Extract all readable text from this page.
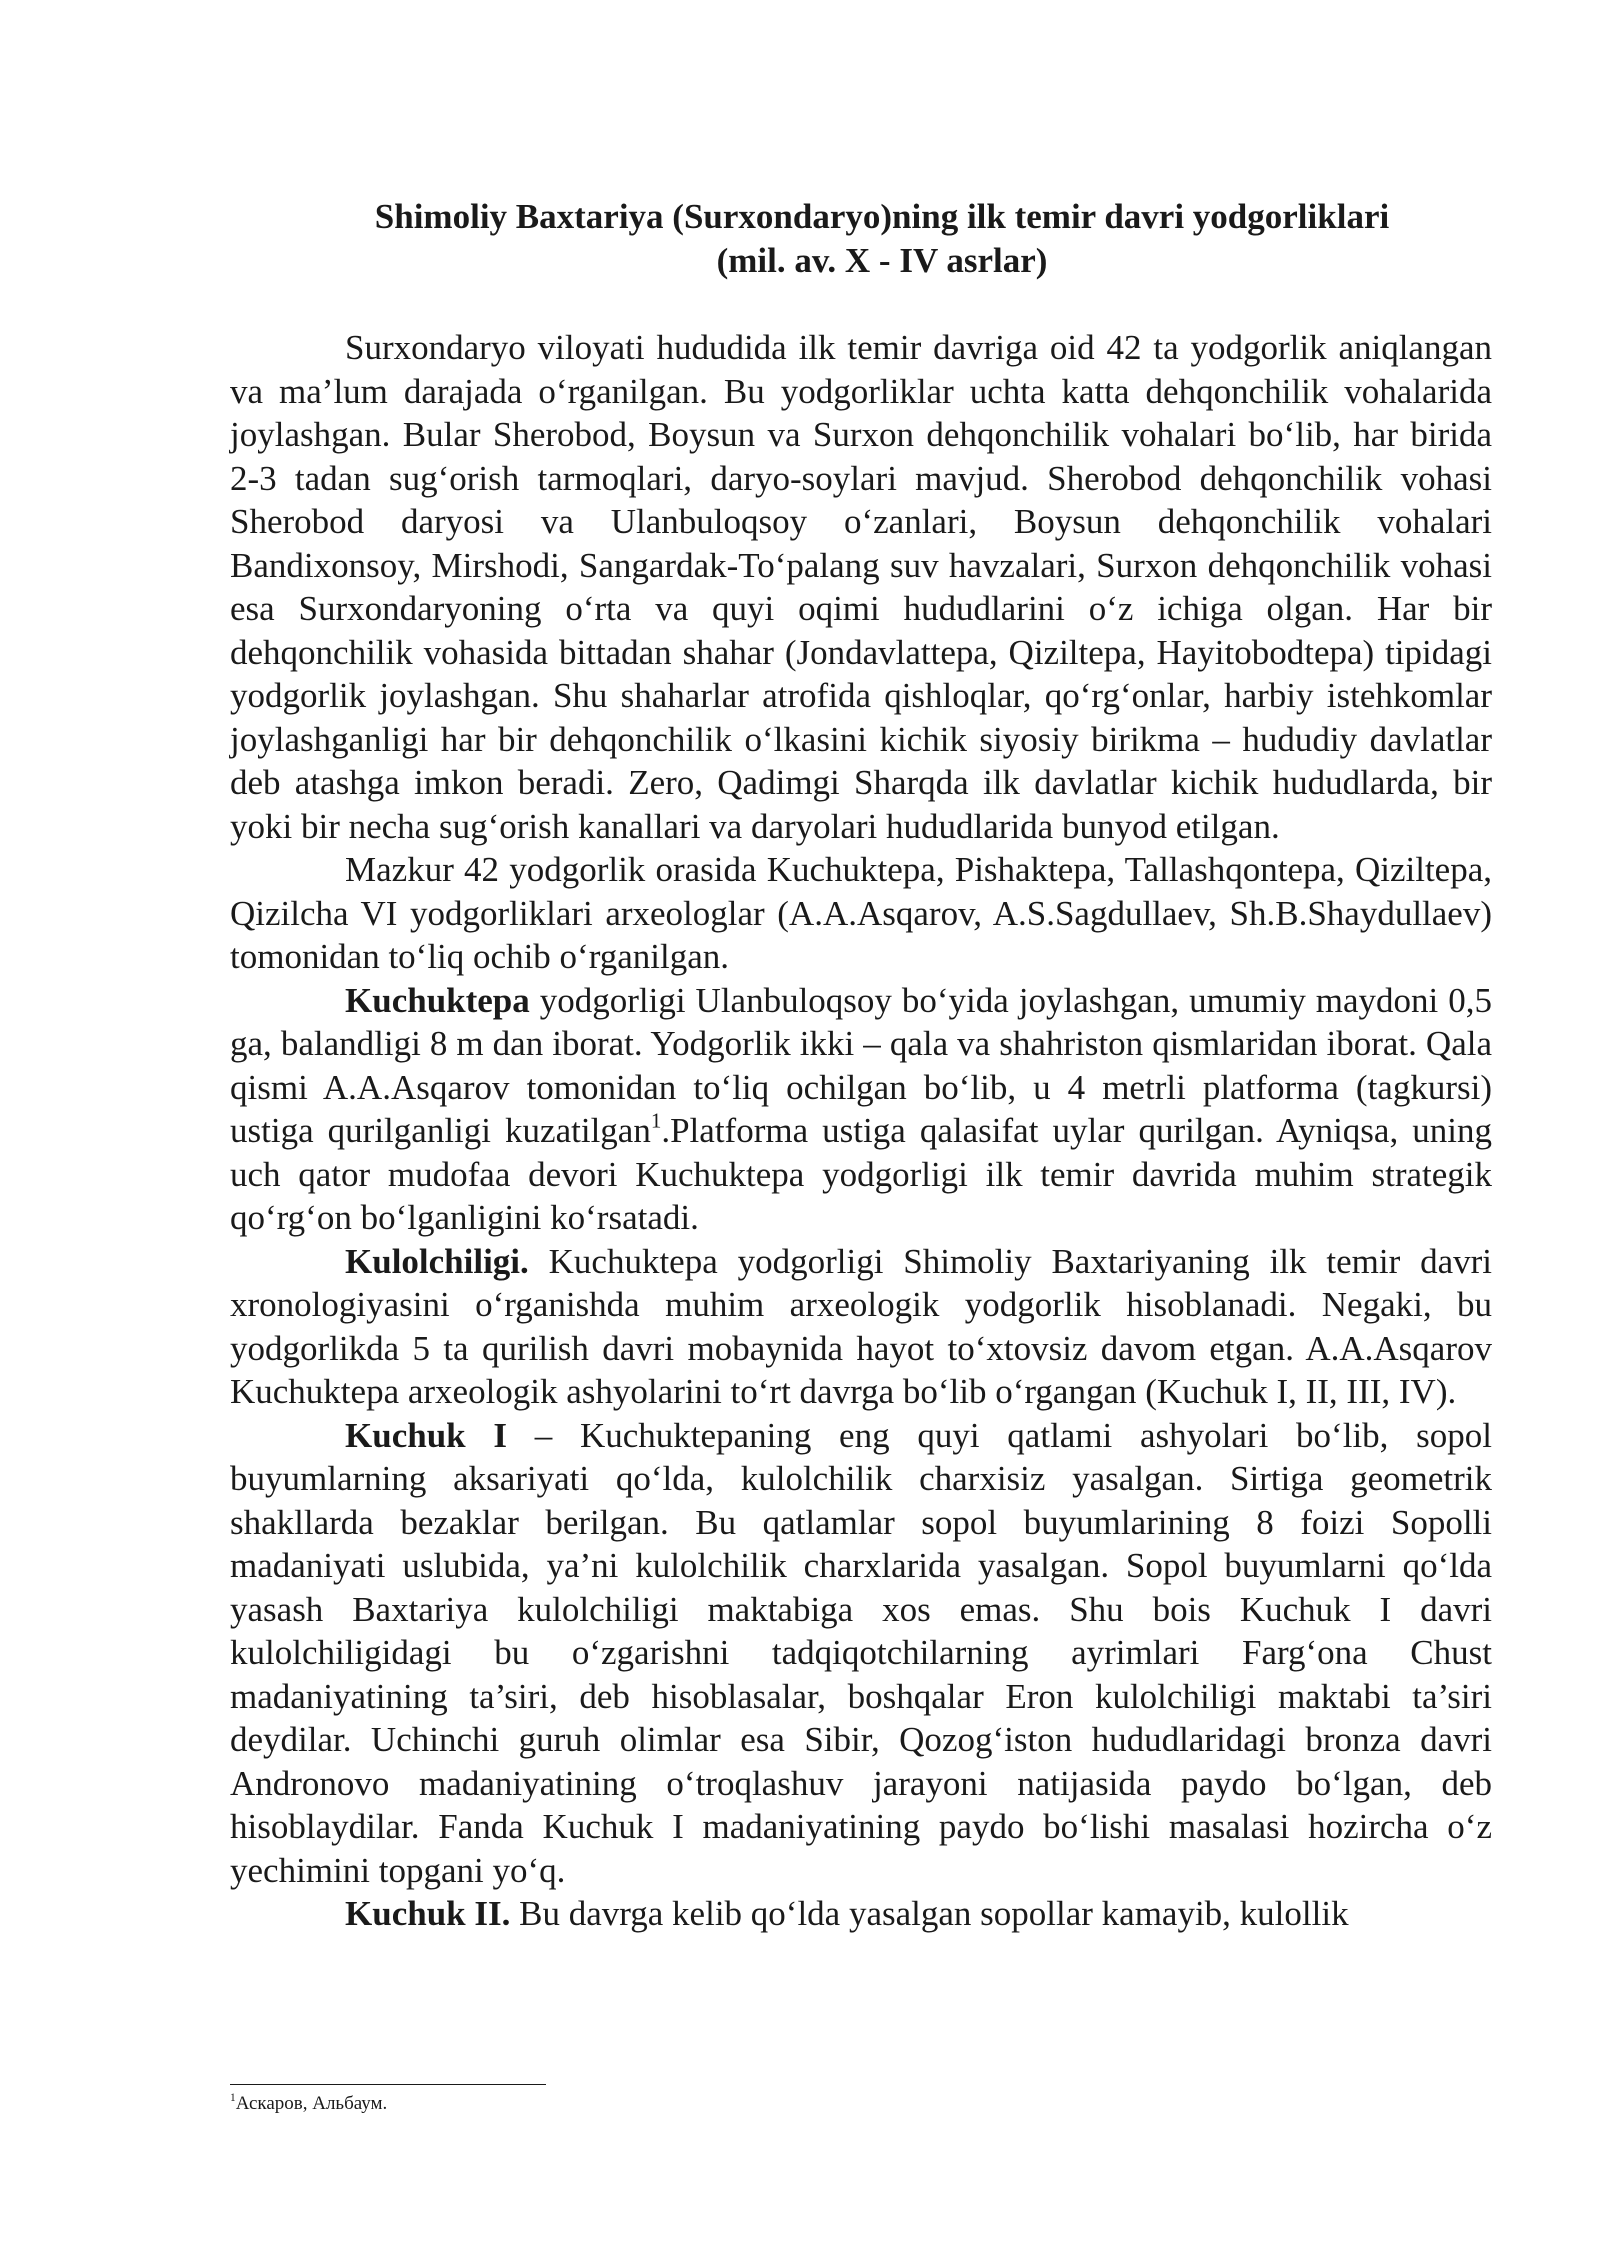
Shimoliy Baxtariya (Surxondaryo)ning ilk temir davri yodgorliklari
(mil. av. X - IV asrlar)

Surxondaryo viloyati hududida ilk temir davriga oid 42 ta yodgorlik aniqlangan va ma’lum darajada o‘rganilgan. Bu yodgorliklar uchta katta dehqonchilik vohalarida joylashgan. Bular Sherobod, Boysun va Surxon dehqonchilik vohalari bo‘lib, har birida 2-3 tadan sug‘orish tarmoqlari, daryo-soylari mavjud. Sherobod dehqonchilik vohasi Sherobod daryosi va Ulanbuloqsoy o‘zanlari, Boysun dehqonchilik vohalari Bandixonsoy, Mirshodi, Sangardak-To‘palang suv havzalari, Surxon dehqonchilik vohasi esa Surxondaryoning o‘rta va quyi oqimi hududlarini o‘z ichiga olgan. Har bir dehqonchilik vohasida bittadan shahar (Jondavlattepa, Qiziltepa, Hayitobodtepa) tipidagi yodgorlik joylashgan. Shu shaharlar atrofida qishloqlar, qo‘rg‘onlar, harbiy istehkomlar joylashganligi har bir dehqonchilik o‘lkasini kichik siyosiy birikma – hududiy davlatlar deb atashga imkon beradi. Zero, Qadimgi Sharqda ilk davlatlar kichik hududlarda, bir yoki bir necha sug‘orish kanallari va daryolari hududlarida bunyod etilgan.

Mazkur 42 yodgorlik orasida Kuchuktepa, Pishaktepa, Tallashqontepa, Qiziltepa, Qizilcha VI yodgorliklari arxeologlar (A.A.Asqarov, A.S.Sagdullaev, Sh.B.Shaydullaev) tomonidan to‘liq ochib o‘rganilgan.

Kuchuktepa yodgorligi Ulanbuloqsoy bo‘yida joylashgan, umumiy maydoni 0,5 ga, balandligi 8 m dan iborat. Yodgorlik ikki – qala va shahriston qismlaridan iborat. Qala qismi A.A.Asqarov tomonidan to‘liq ochilgan bo‘lib, u 4 metrli platforma (tagkursi) ustiga qurilganligi kuzatilgan$^1$.Platforma ustiga qalasifat uylar qurilgan. Ayniqsa, uning uch qator mudofaa devori Kuchuktepa yodgorligi ilk temir davrida muhim strategik qo‘rg‘on bo‘lganligini ko‘rsatadi.

Kulolchiligi. Kuchuktepa yodgorligi Shimoliy Baxtariyaning ilk temir davri xronologiyasini o‘rganishda muhim arxeologik yodgorlik hisoblanadi. Negaki, bu yodgorlikda 5 ta qurilish davri mobaynida hayot to‘xtovsiz davom etgan. A.A.Asqarov Kuchuktepa arxeologik ashyolarini to‘rt davrga bo‘lib o‘rgangan (Kuchuk I, II, III, IV).

Kuchuk I – Kuchuktepaning eng quyi qatlami ashyolari bo‘lib, sopol buyumlarning aksariyati qo‘lda, kulolchilik charxisiz yasalgan. Sirtiga geometrik shakllarda bezaklar berilgan. Bu qatlamlar sopol buyumlarining 8 foizi Sopolli madaniyati uslubida, ya’ni kulolchilik charxlarida yasalgan. Sopol buyumlarni qo‘lda yasash Baxtariya kulolchiligi maktabiga xos emas. Shu bois Kuchuk I davri kulolchiligidagi bu o‘zgarishni tadqiqotchilarning ayrimlari Farg‘ona Chust madaniyatining ta’siri, deb hisoblasalar, boshqalar Eron kulolchiligi maktabi ta’siri deydilar. Uchinchi guruh olimlar esa Sibir, Qozog‘iston hududlaridagi bronza davri Andronovo madaniyatining o‘troqlashuv jarayoni natijasida paydo bo‘lgan, deb hisoblaydilar. Fanda Kuchuk I madaniyatining paydo bo‘lishi masalasi hozircha o‘z yechimini topgani yo‘q.

Kuchuk II. Bu davrga kelib qo‘lda yasalgan sopollar kamayib, kulollik

$^1$Аскаров, Альбаум.
